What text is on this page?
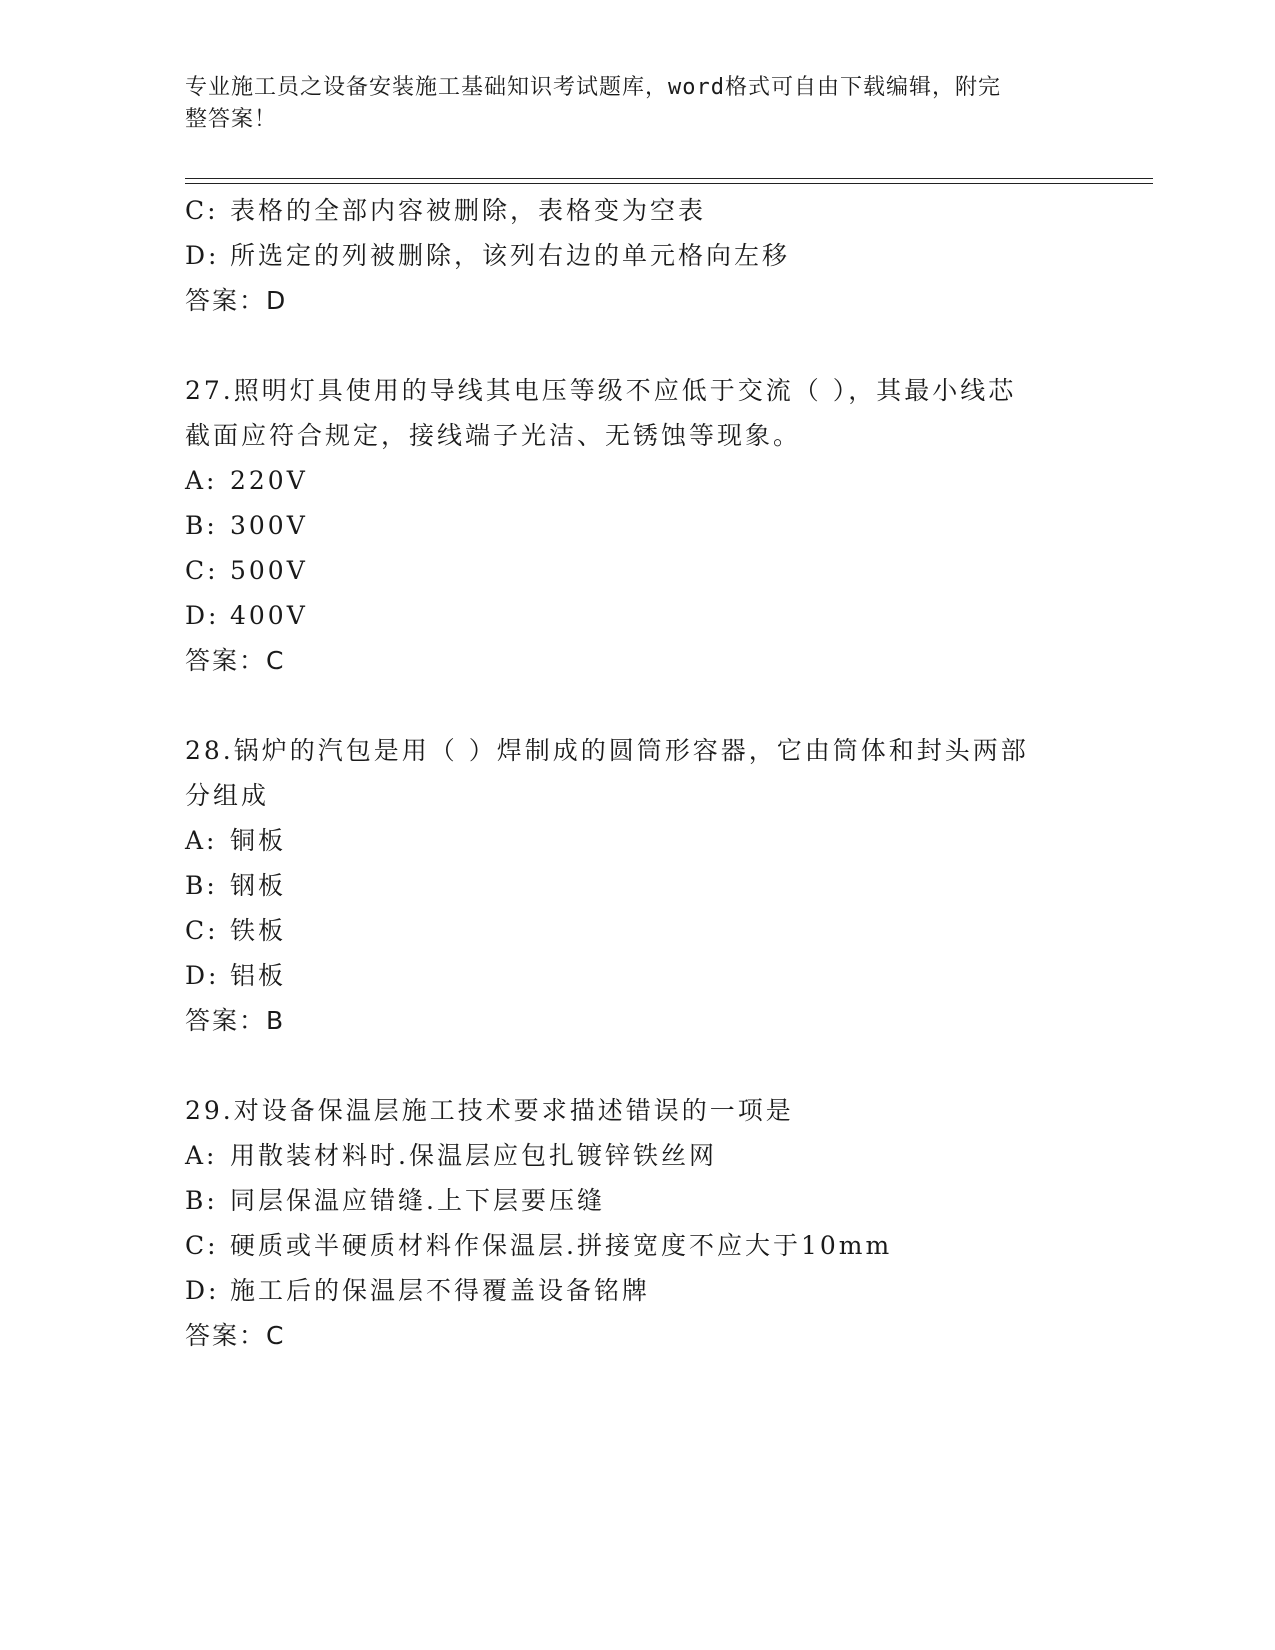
专业施工员之设备安装施工基础知识考试题库，word格式可自由下载编辑，附完
整答案！
C: 表格的全部内容被删除，表格变为空表
D: 所选定的列被删除，该列右边的单元格向左移
答案：D
27.照明灯具使用的导线其电压等级不应低于交流（ ），其最小线芯
截面应符合规定，接线端子光洁、无锈蚀等现象。
A: 220V
B: 300V
C: 500V
D: 400V
答案：C
28.锅炉的汽包是用（ ）焊制成的圆筒形容器，它由筒体和封头两部
分组成
A: 铜板
B: 钢板
C: 铁板
D: 铝板
答案：B
29.对设备保温层施工技术要求描述错误的一项是
A: 用散装材料时.保温层应包扎镀锌铁丝网
B: 同层保温应错缝.上下层要压缝
C: 硬质或半硬质材料作保温层.拼接宽度不应大于10mm
D: 施工后的保温层不得覆盖设备铭牌
答案：C
